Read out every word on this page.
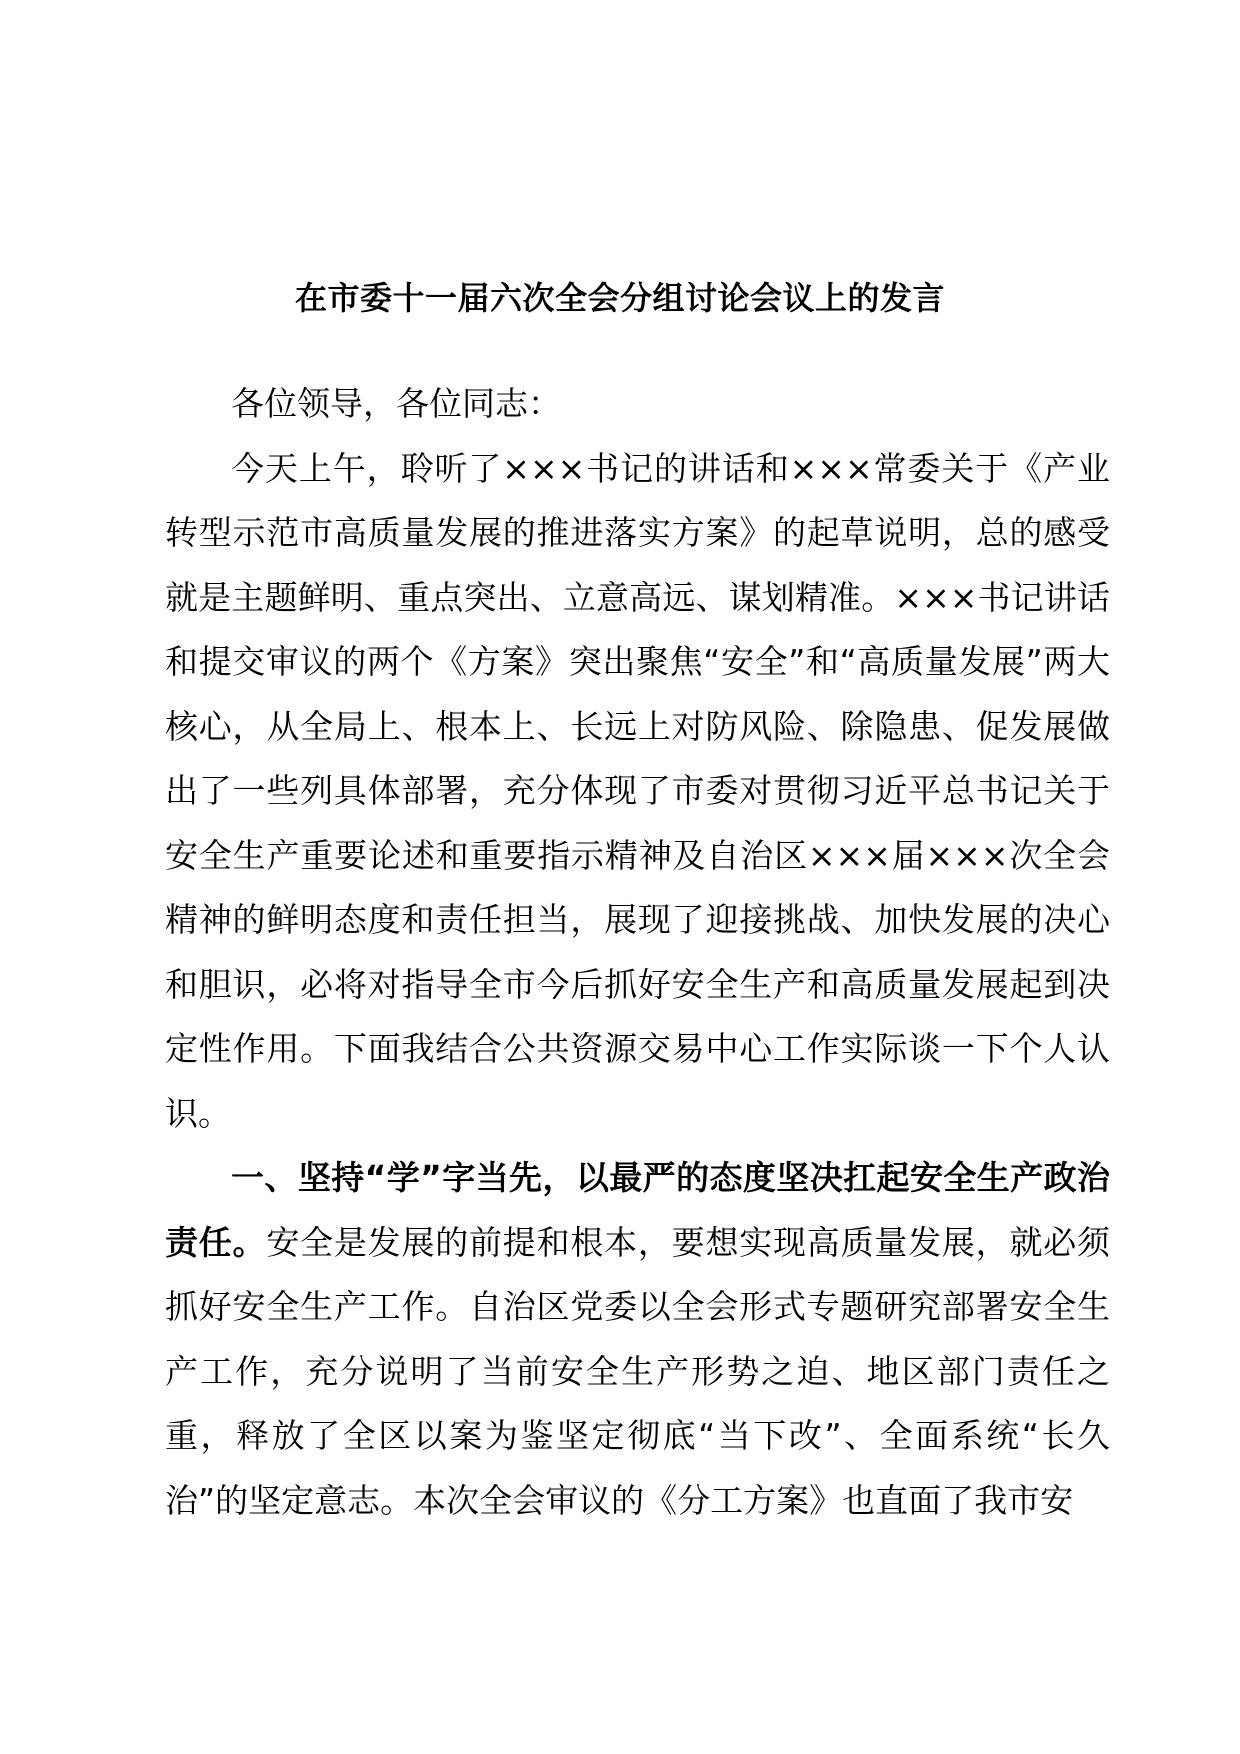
在市委十一届六次全会分组讨论会议上的发言

各位领导，各位同志：

今天上午，聆听了×××书记的讲话和×××常委关于《产业转型示范市高质量发展的推进落实方案》的起草说明，总的感受就是主题鲜明、重点突出、立意高远、谋划精准。×××书记讲话和提交审议的两个《方案》突出聚焦“安全”和“高质量发展”两大核心，从全局上、根本上、长远上对防风险、除隐患、促发展做出了一些列具体部署，充分体现了市委对贯彻习近平总书记关于安全生产重要论述和重要指示精神及自治区×××届×××次全会精神的鲜明态度和责任担当，展现了迎接挑战、加快发展的决心和胆识，必将对指导全市今后抓好安全生产和高质量发展起到决定性作用。下面我结合公共资源交易中心工作实际谈一下个人认识。

一、坚持“学”字当先，以最严的态度坚决扛起安全生产政治责任。安全是发展的前提和根本，要想实现高质量发展，就必须抓好安全生产工作。自治区党委以全会形式专题研究部署安全生产工作，充分说明了当前安全生产形势之迫、地区部门责任之重，释放了全区以案为鉴坚定彻底“当下改”、全面系统“长久治”的坚定意志。本次全会审议的《分工方案》也直面了我市安
